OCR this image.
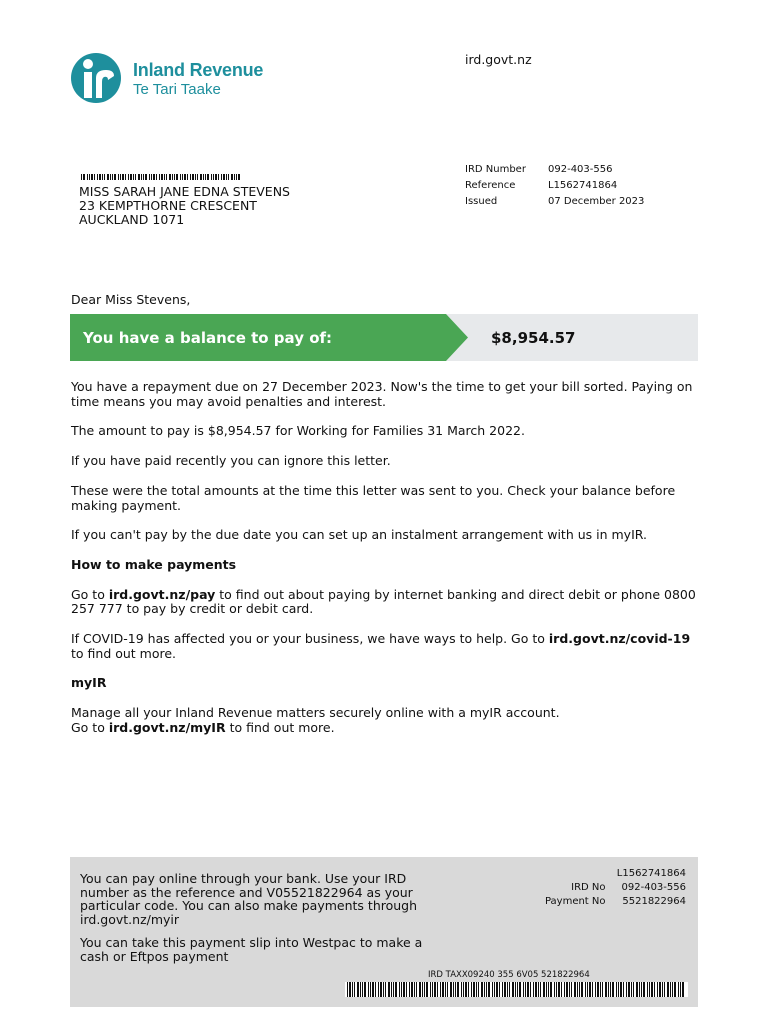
Inland Revenue
Te Tari Taake
ird.govt.nz
MISS SARAH JANE EDNA STEVENS
23 KEMPTHORNE CRESCENT
AUCKLAND 1071
IRD Number	092-403-556
Reference	L1562741864
Issued	07 December 2023
Dear Miss Stevens,
You have a balance to pay of:	$8,954.57

You have a repayment due on 27 December 2023. Now's the time to get your bill sorted. Paying on time means you may avoid penalties and interest.

The amount to pay is $8,954.57 for Working for Families 31 March 2022.

If you have paid recently you can ignore this letter.

These were the total amounts at the time this letter was sent to you. Check your balance before making payment.

If you can't pay by the due date you can set up an instalment arrangement with us in myIR.

How to make payments

Go to ird.govt.nz/pay to find out about paying by internet banking and direct debit or phone 0800 257 777 to pay by credit or debit card.

If COVID-19 has affected you or your business, we have ways to help. Go to ird.govt.nz/covid-19 to find out more.

myIR

Manage all your Inland Revenue matters securely online with a myIR account.
Go to ird.govt.nz/myIR to find out more.

You can pay online through your bank. Use your IRD number as the reference and V05521822964 as your particular code. You can also make payments through ird.govt.nz/myir

You can take this payment slip into Westpac to make a cash or Eftpos payment

L1562741864
IRD No	092-403-556
Payment No	5521822964
IRD TAXX09240 355 6V05 521822964
